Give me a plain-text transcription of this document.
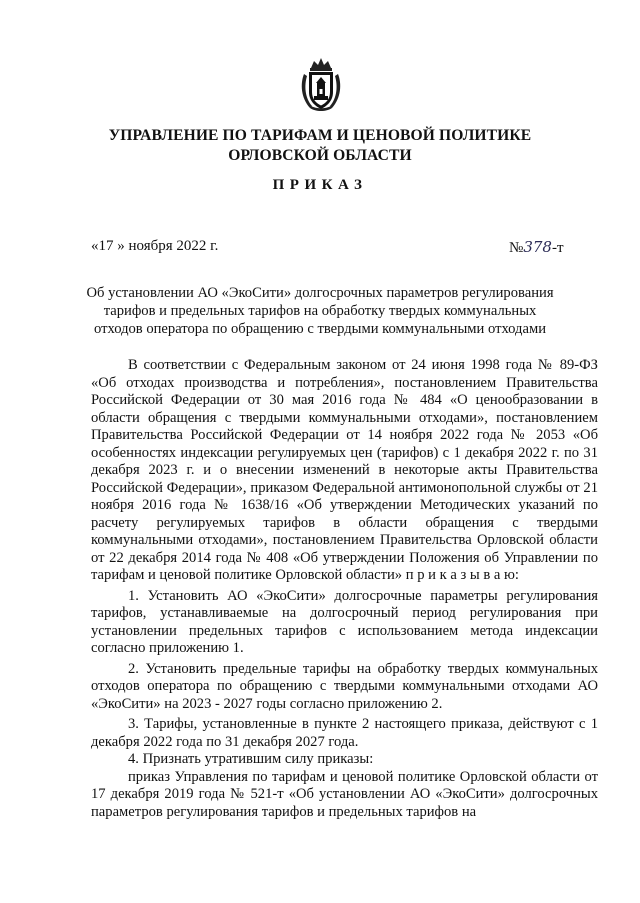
УПРАВЛЕНИЕ ПО ТАРИФАМ И ЦЕНОВОЙ ПОЛИТИКЕ
ОРЛОВСКОЙ ОБЛАСТИ
ПРИКАЗ
«17 » ноября 2022 г.	№378-т
Об установлении АО «ЭкоСити» долгосрочных параметров регулирования тарифов и предельных тарифов на обработку твердых коммунальных отходов оператора по обращению с твердыми коммунальными отходами

В соответствии с Федеральным законом от 24 июня 1998 года № 89-ФЗ «Об отходах производства и потребления», постановлением Правительства Российской Федерации от 30 мая 2016 года № 484 «О ценообразовании в области обращения с твердыми коммунальными отходами», постановлением Правительства Российской Федерации от 14 ноября 2022 года № 2053 «Об особенностях индексации регулируемых цен (тарифов) с 1 декабря 2022 г. по 31 декабря 2023 г. и о внесении изменений в некоторые акты Правительства Российской Федерации», приказом Федеральной антимонопольной службы от 21 ноября 2016 года № 1638/16 «Об утверждении Методических указаний по расчету регулируемых тарифов в области обращения с твердыми коммунальными отходами», постановлением Правительства Орловской области от 22 декабря 2014 года № 408 «Об утверждении Положения об Управлении по тарифам и ценовой политике Орловской области» п р и к а з ы в а ю:

1. Установить АО «ЭкоСити» долгосрочные параметры регулирования тарифов, устанавливаемые на долгосрочный период регулирования при установлении предельных тарифов с использованием метода индексации согласно приложению 1.

2. Установить предельные тарифы на обработку твердых коммунальных отходов оператора по обращению с твердыми коммунальными отходами АО «ЭкоСити» на 2023 - 2027 годы согласно приложению 2.

3. Тарифы, установленные в пункте 2 настоящего приказа, действуют с 1 декабря 2022 года по 31 декабря 2027 года.

4. Признать утратившим силу приказы:

приказ Управления по тарифам и ценовой политике Орловской области от 17 декабря 2019 года № 521-т «Об установлении АО «ЭкоСити» долгосрочных параметров регулирования тарифов и предельных тарифов на
